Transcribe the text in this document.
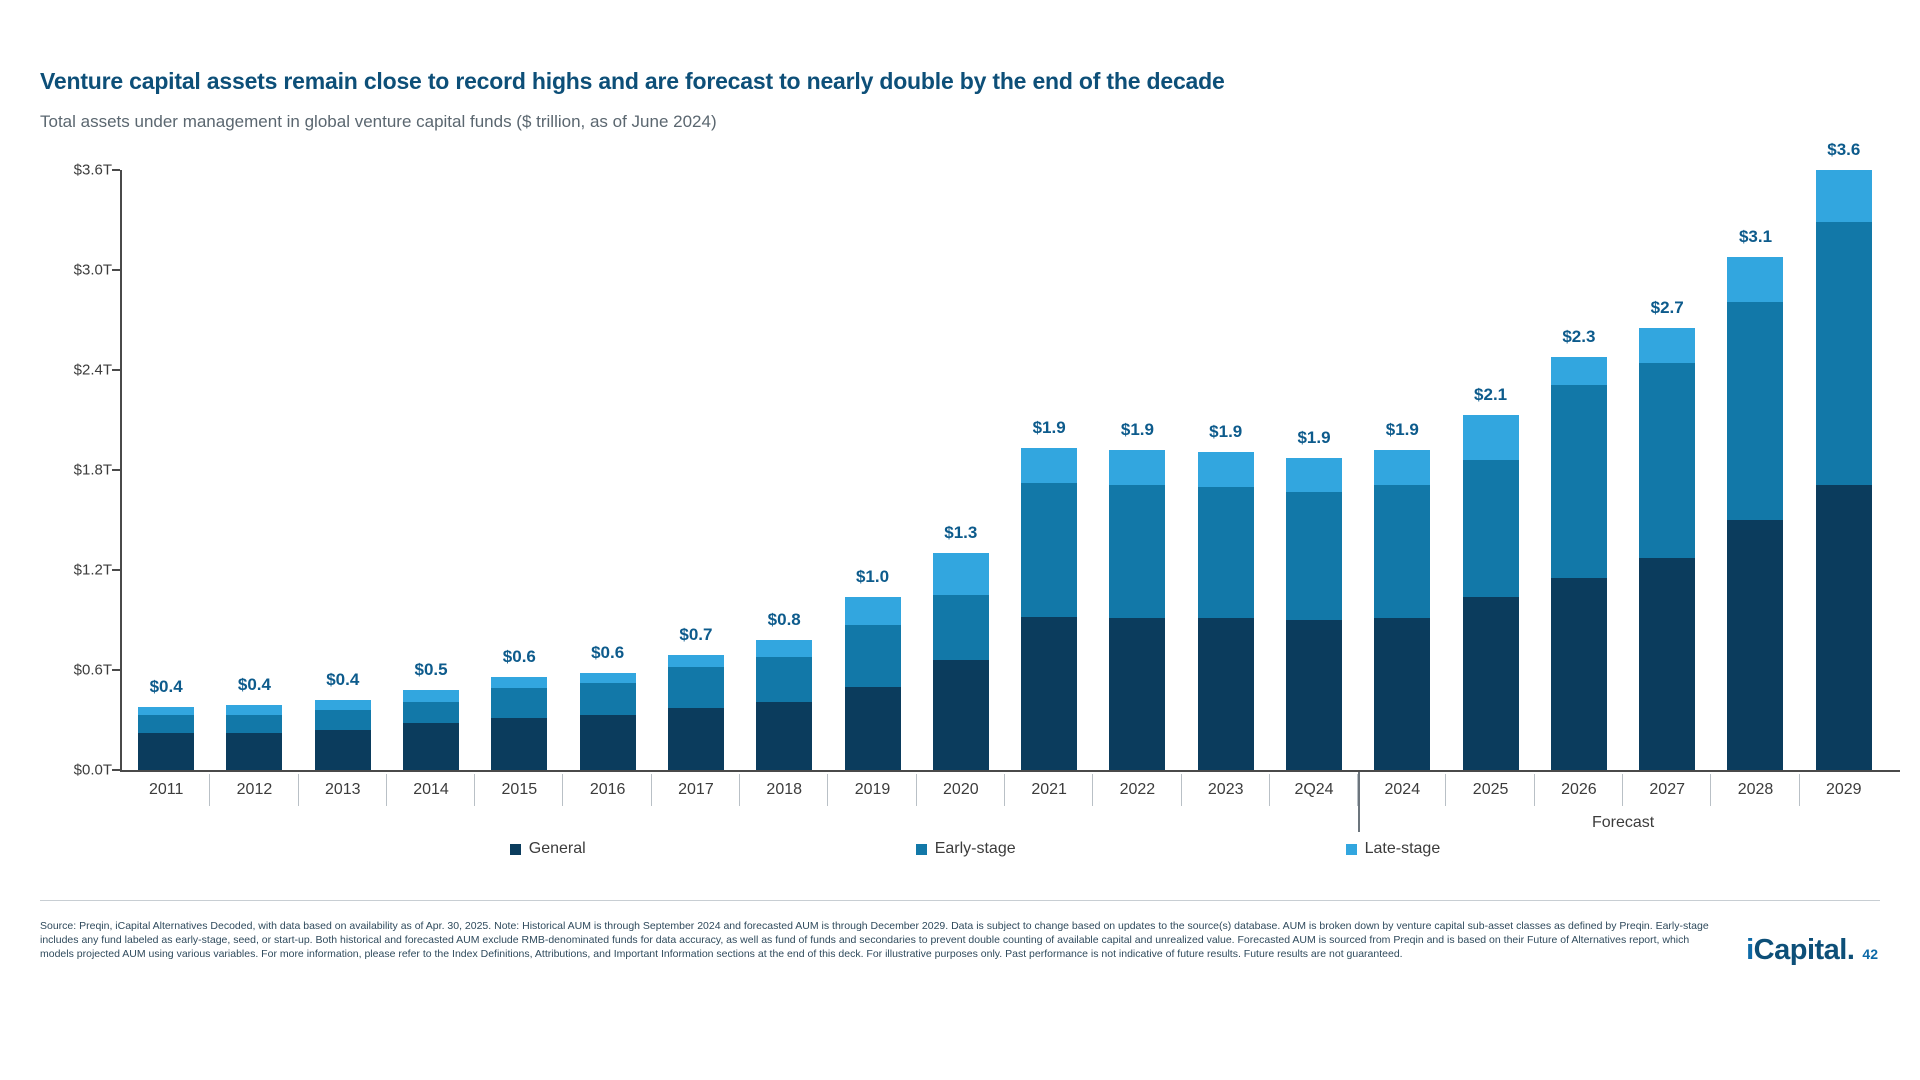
Venture capital assets remain close to record highs and are forecast to nearly double by the end of the decade
Total assets under management in global venture capital funds ($ trillion, as of June 2024)
$0.0T
$0.6T
$1.2T
$1.8T
$2.4T
$3.0T
$3.6T
$0.4	$0.4	$0.4
$0.5
$0.6	$0.6
$0.7
$0.8
$1.0
$1.3
$1.9	$1.9	$1.9	$1.9	$1.9
$2.1
$2.3
$2.7
$3.1
$3.6
2011	2012	2013	2014	2015	2016	2017	2018	2019	2020	2021	2022	2023	2Q24	2024	2025	2026	2027	2028	2029
Forecast
General	Early-stage	Late-stage
Source: Preqin, iCapital Alternatives Decoded, with data based on availability as of Apr. 30, 2025. Note: Historical AUM is through September 2024 and forecasted AUM is through December 2029. Data is subject to change based on updates to the source(s) database. AUM is broken down by venture capital sub-asset classes as defined by Preqin. Early-stage includes any fund labeled as early-stage, seed, or start-up. Both historical and forecasted AUM exclude RMB-denominated funds for data accuracy, as well as fund of funds and secondaries to prevent double counting of available capital and unrealized value. Forecasted AUM is sourced from Preqin and is based on their Future of Alternatives report, which models projected AUM using various variables. For more information, please refer to the Index Definitions, Attributions, and Important Information sections at the end of this deck. For illustrative purposes only. Past performance is not indicative of future results. Future results are not guaranteed.	iCapital. 42
